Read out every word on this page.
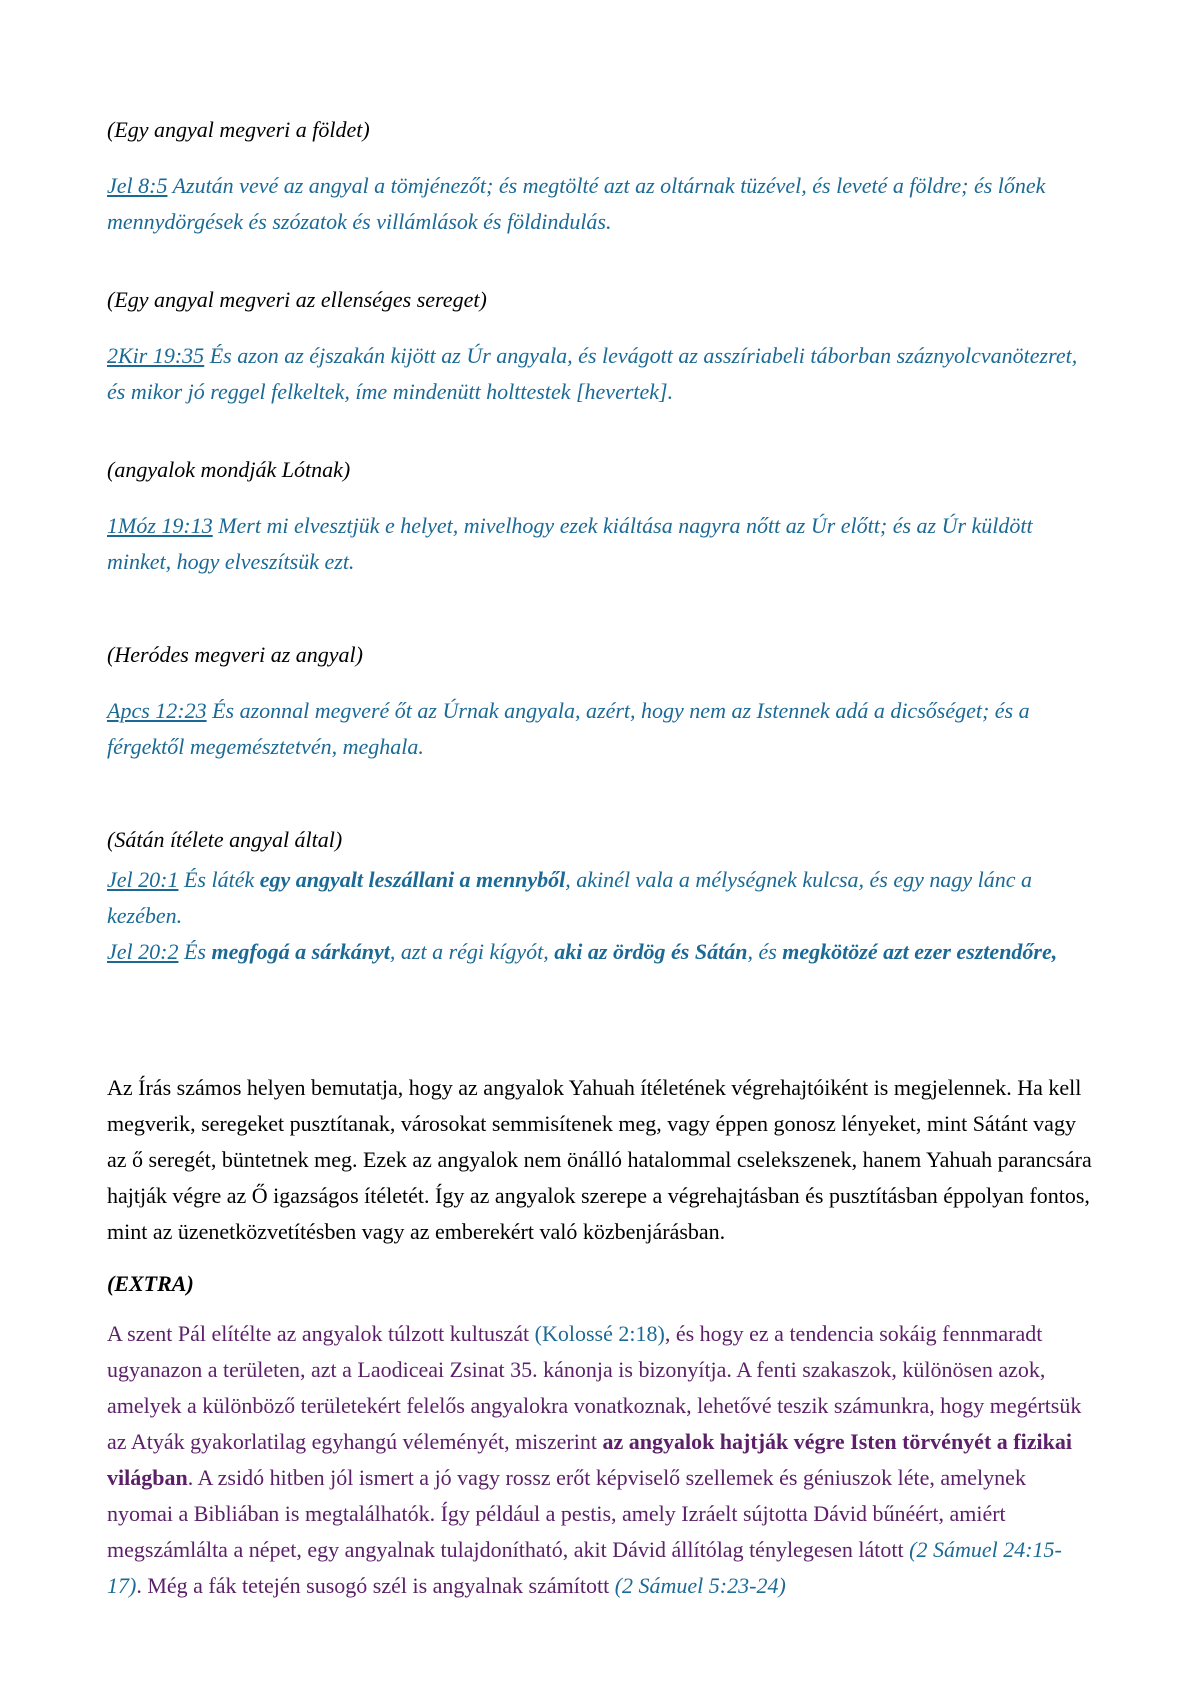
(Egy angyal megveri a földet)

Jel 8:5 Azután vevé az angyal a tömjénezőt; és megtölté azt az oltárnak tüzével, és leveté a földre; és lőnek mennydörgések és szózatok és villámlások és földindulás.

(Egy angyal megveri az ellenséges sereget)

2Kir 19:35 És azon az éjszakán kijött az Úr angyala, és levágott az asszíriabeli táborban száznyolcvanötezret, és mikor jó reggel felkeltek, íme mindenütt holttestek [hevertek].

(angyalok mondják Lótnak)

1Móz 19:13 Mert mi elvesztjük e helyet, mivelhogy ezek kiáltása nagyra nőtt az Úr előtt; és az Úr küldött minket, hogy elveszítsük ezt.

(Heródes megveri az angyal)

Apcs 12:23 És azonnal megveré őt az Úrnak angyala, azért, hogy nem az Istennek adá a dicsőséget; és a férgektől megemésztetvén, meghala.

(Sátán ítélete angyal által)

Jel 20:1 És láték egy angyalt leszállani a mennyből, akinél vala a mélységnek kulcsa, és egy nagy lánc a kezében.

Jel 20:2 És megfogá a sárkányt, azt a régi kígyót, aki az ördög és Sátán, és megkötözé azt ezer esztendőre,

Az Írás számos helyen bemutatja, hogy az angyalok Yahuah ítéletének végrehajtóiként is megjelennek. Ha kell megverik, seregeket pusztítanak, városokat semmisítenek meg, vagy éppen gonosz lényeket, mint Sátánt vagy az ő seregét, büntetnek meg. Ezek az angyalok nem önálló hatalommal cselekszenek, hanem Yahuah parancsára hajtják végre az Ő igazságos ítéletét. Így az angyalok szerepe a végrehajtásban és pusztításban éppolyan fontos, mint az üzenetközvetítésben vagy az emberekért való közbenjárásban.

(EXTRA)

A szent Pál elítélte az angyalok túlzott kultuszát (Kolossé 2:18), és hogy ez a tendencia sokáig fennmaradt ugyanazon a területen, azt a Laodiceai Zsinat 35. kánonja is bizonyítja. A fenti szakaszok, különösen azok, amelyek a különböző területekért felelős angyalokra vonatkoznak, lehetővé teszik számunkra, hogy megértsük az Atyák gyakorlatilag egyhangú véleményét, miszerint az angyalok hajtják végre Isten törvényét a fizikai világban. A zsidó hitben jól ismert a jó vagy rossz erőt képviselő szellemek és géniuszok léte, amelynek nyomai a Bibliában is megtalálhatók. Így például a pestis, amely Izráelt sújtotta Dávid bűnéért, amiért megszámlálta a népet, egy angyalnak tulajdonítható, akit Dávid állítólag ténylegesen látott (2 Sámuel 24:15-17). Még a fák tetején susogó szél is angyalnak számított (2 Sámuel 5:23-24)
